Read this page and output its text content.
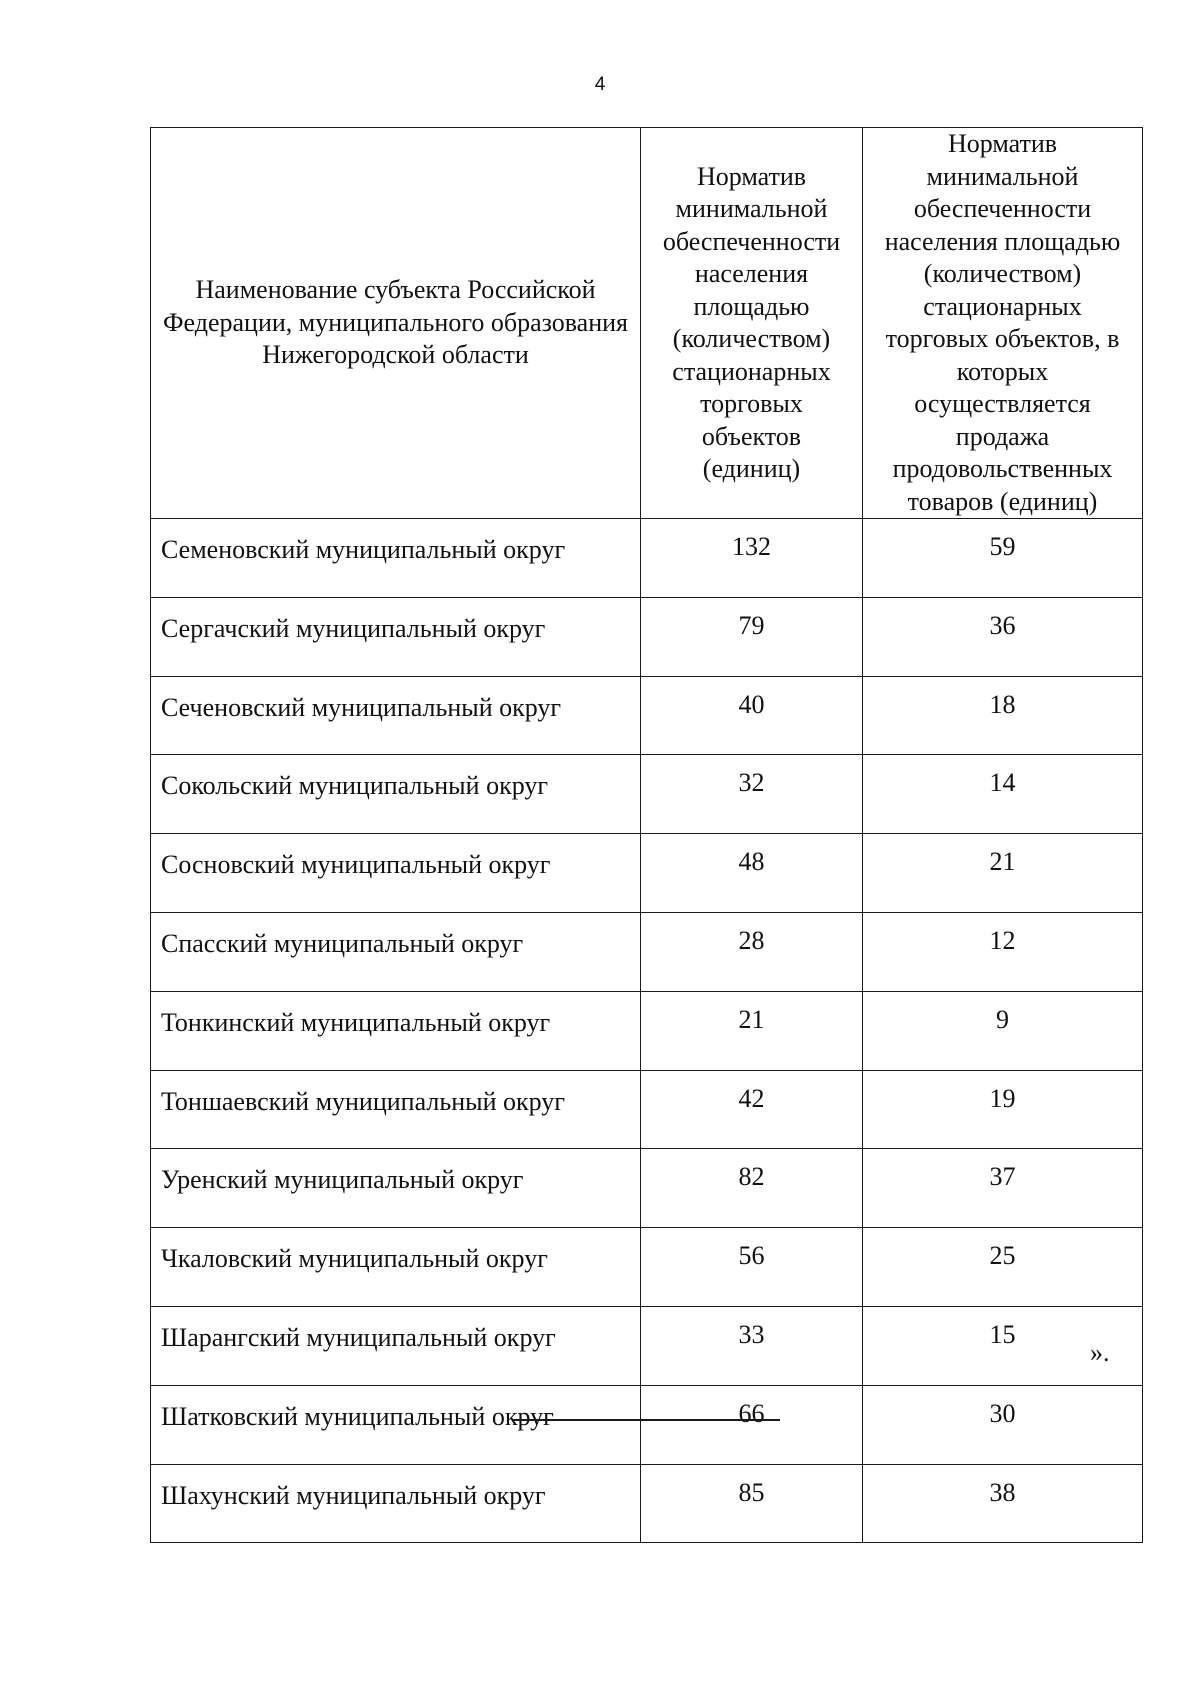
4
Наименование субъекта Российской Федерации, муниципального образования Нижегородской области	Норматив минимальной обеспеченности населения площадью (количеством) стационарных торговых объектов (единиц)	Норматив минимальной обеспеченности населения площадью (количеством) стационарных торговых объектов, в которых осуществляется продажа продовольственных товаров (единиц)

Семеновский муниципальный округ	132	59
Сергачский муниципальный округ	79	36
Сеченовский муниципальный округ	40	18
Сокольский муниципальный округ	32	14
Сосновский муниципальный округ	48	21
Спасский муниципальный округ	28	12
Тонкинский муниципальный округ	21	9
Тоншаевский муниципальный округ	42	19
Уренский муниципальный округ	82	37
Чкаловский муниципальный округ	56	25
Шарангский муниципальный округ	33	15
Шатковский муниципальный округ	66	30
Шахунский муниципальный округ	85	38
».
